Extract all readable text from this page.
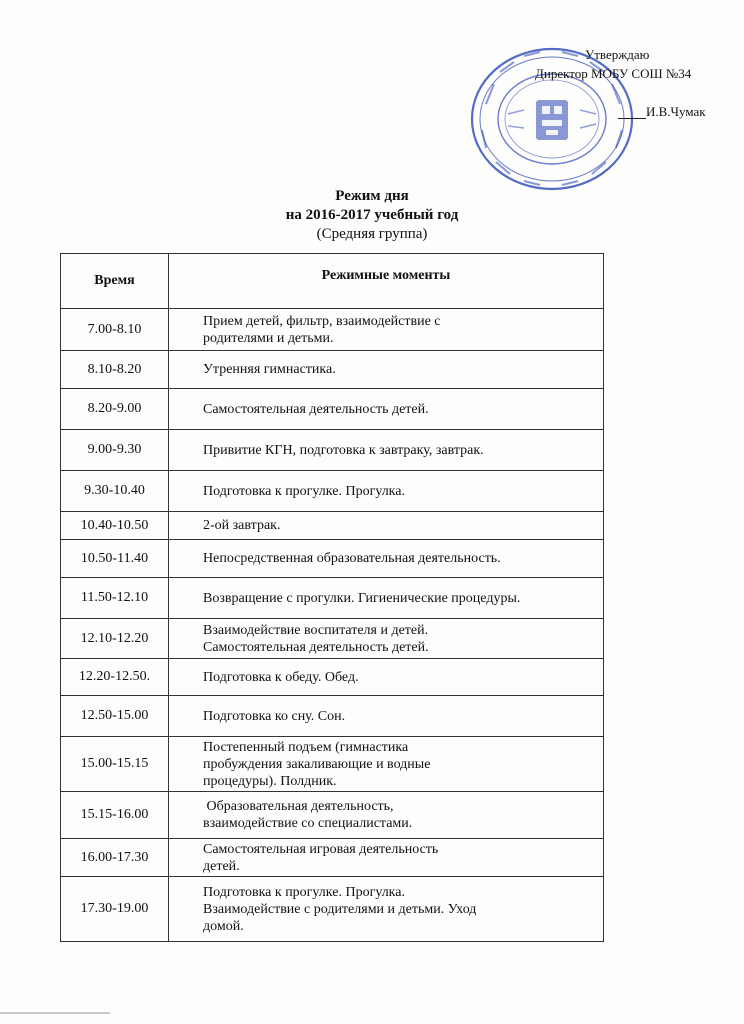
Утверждаю
Директор МОБУ СОШ №34
И.В.Чумак
Режим дня
на 2016-2017 учебный год
(Средняя группа)
Время	Режимные моменты
7.00-8.10	Прием детей, фильтр, взаимодействие с
родителями и детьми.

8.10-8.20	Утренняя гимнастика.

8.20-9.00	Самостоятельная деятельность детей.

9.00-9.30	Привитие КГН, подготовка к завтраку, завтрак.

9.30-10.40	Подготовка к прогулке. Прогулка.

10.40-10.50	2-ой завтрак.

10.50-11.40	Непосредственная образовательная деятельность.

11.50-12.10	Возвращение с прогулки. Гигиенические процедуры.

12.10-12.20	Взаимодействие воспитателя и детей.
Самостоятельная деятельность детей.

12.20-12.50.	Подготовка к обеду. Обед.

12.50-15.00	Подготовка ко сну. Сон.

15.00-15.15	Постепенный подъем (гимнастика
пробуждения закаливающие и водные
процедуры). Полдник.

15.15-16.00	Образовательная деятельность,
взаимодействие со специалистами.

16.00-17.30	Самостоятельная игровая деятельность
детей.

17.30-19.00	Подготовка к прогулке. Прогулка.
Взаимодействие с родителями и детьми. Уход
домой.
